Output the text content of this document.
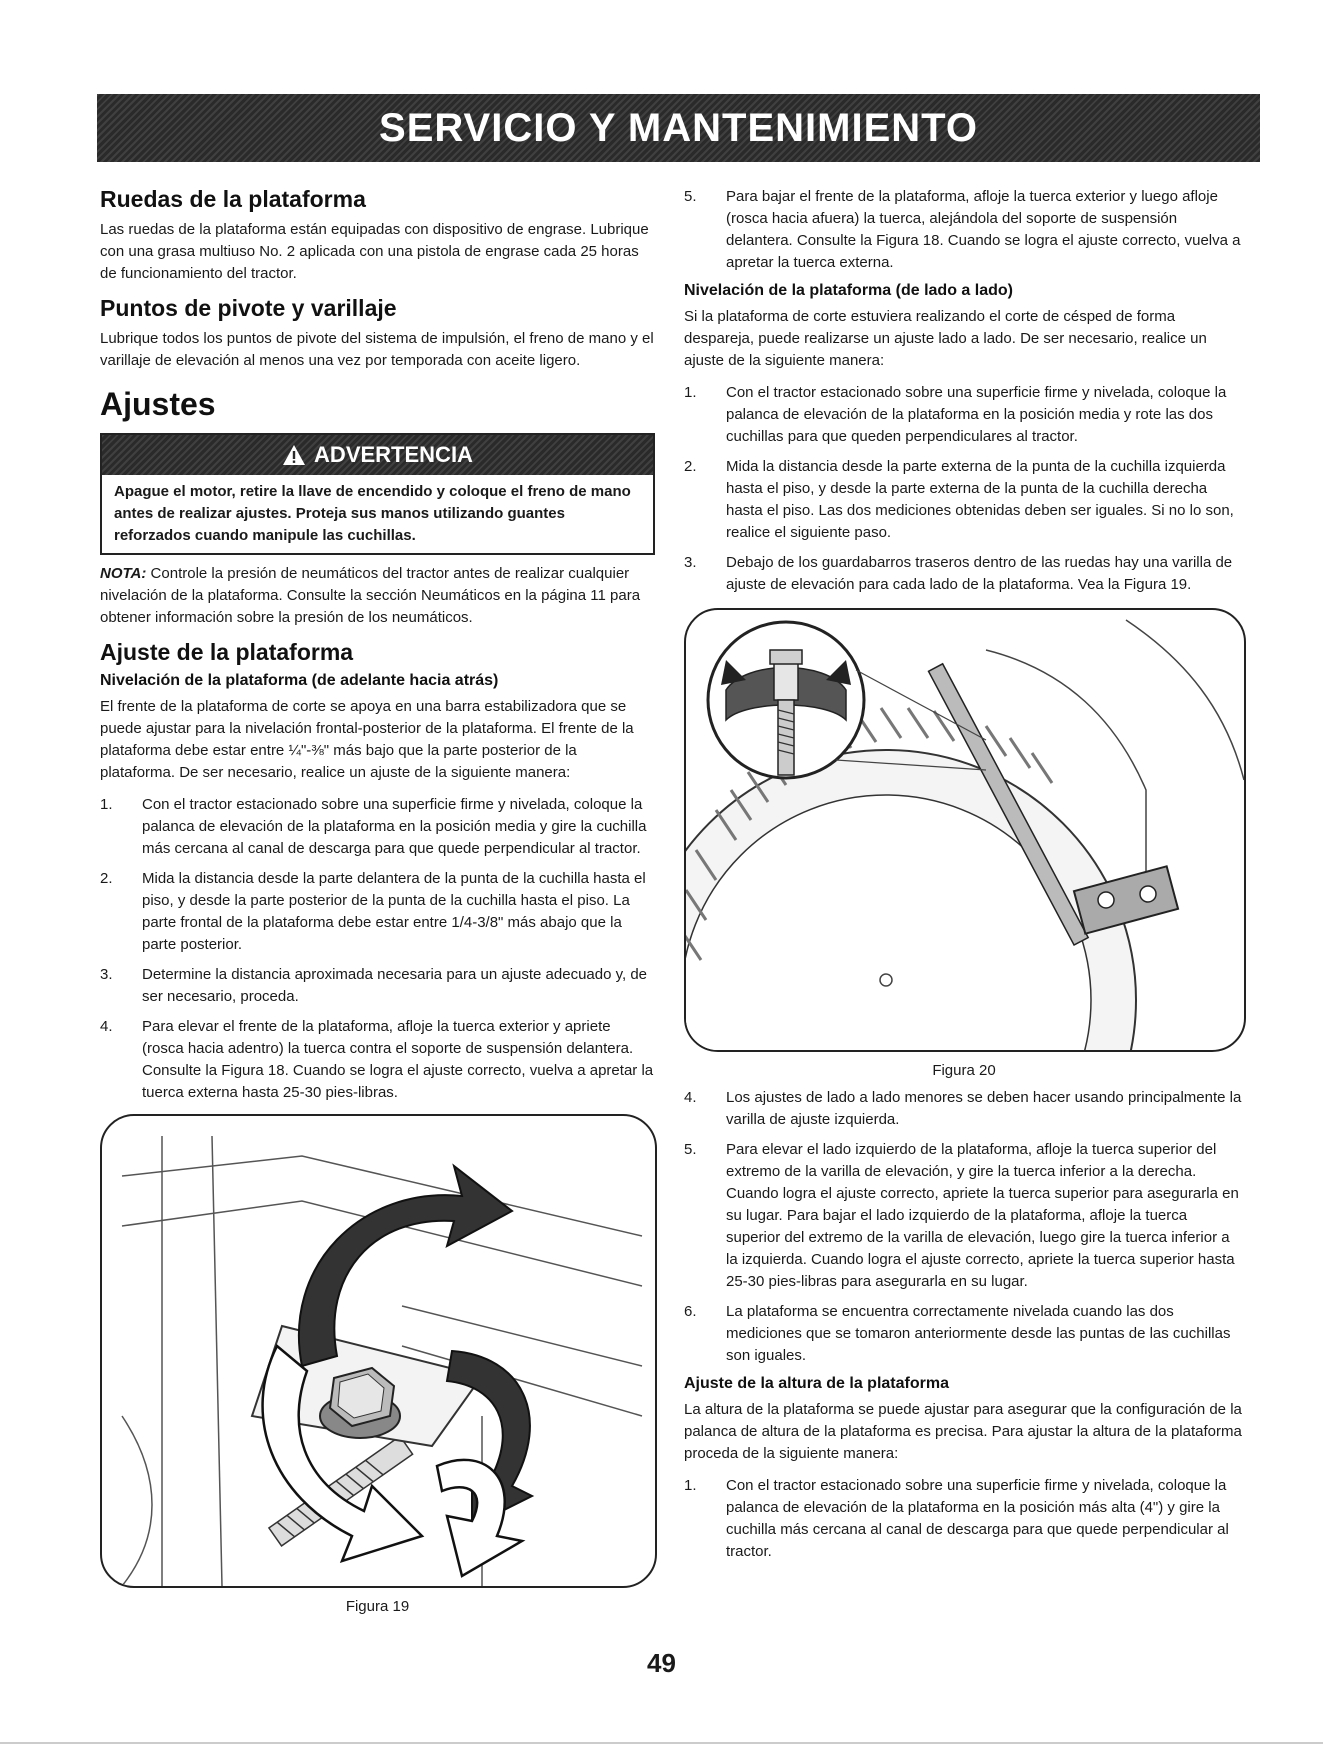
SERVICIO Y MANTENIMIENTO
Ruedas de la plataforma

Las ruedas de la plataforma están equipadas con dispositivo de engrase. Lubrique con una grasa multiuso No. 2 aplicada con una pistola de engrase cada 25 horas de funcionamiento del tractor.

Puntos de pivote y varillaje

Lubrique todos los puntos de pivote del sistema de impulsión, el freno de mano y el varillaje de elevación al menos una vez por temporada con aceite ligero.

Ajustes
ADVERTENCIA
Apague el motor, retire la llave de encendido y coloque el freno de mano antes de realizar ajustes. Proteja sus manos utilizando guantes reforzados cuando manipule las cuchillas.

NOTA: Controle la presión de neumáticos del tractor antes de realizar cualquier nivelación de la plataforma. Consulte la sección Neumáticos en la página 11 para obtener información sobre la presión de los neumáticos.

Ajuste de la plataforma
Nivelación de la plataforma (de adelante hacia atrás)

El frente de la plataforma de corte se apoya en una barra estabilizadora que se puede ajustar para la nivelación frontal-posterior de la plataforma. El frente de la plataforma debe estar entre ¼"-⅜" más bajo que la parte posterior de la plataforma. De ser necesario, realice un ajuste de la siguiente manera:

1.	Con el tractor estacionado sobre una superficie firme y nivelada, coloque la palanca de elevación de la plataforma en la posición media y gire la cuchilla más cercana al canal de descarga para que quede perpendicular al tractor.
2.	Mida la distancia desde la parte delantera de la punta de la cuchilla hasta el piso, y desde la parte posterior de la punta de la cuchilla hasta el piso. La parte frontal de la plataforma debe estar entre 1/4-3/8" más abajo que la parte posterior.
3.	Determine la distancia aproximada necesaria para un ajuste adecuado y, de ser necesario, proceda.
4.	Para elevar el frente de la plataforma, afloje la tuerca exterior y apriete (rosca hacia adentro) la tuerca contra el soporte de suspensión delantera. Consulte la Figura 18. Cuando se logra el ajuste correcto, vuelva a apretar la tuerca externa hasta 25-30 pies-libras.
Figura 19
5.	Para bajar el frente de la plataforma, afloje la tuerca exterior y luego afloje (rosca hacia afuera) la tuerca, alejándola del soporte de suspensión delantera. Consulte la Figura 18. Cuando se logra el ajuste correcto, vuelva a apretar la tuerca externa.
Nivelación de la plataforma (de lado a lado)

Si la plataforma de corte estuviera realizando el corte de césped de forma despareja, puede realizarse un ajuste lado a lado. De ser necesario, realice un ajuste de la siguiente manera:

1.	Con el tractor estacionado sobre una superficie firme y nivelada, coloque la palanca de elevación de la plataforma en la posición media y rote las dos cuchillas para que queden perpendiculares al tractor.
2.	Mida la distancia desde la parte externa de la punta de la cuchilla izquierda hasta el piso, y desde la parte externa de la punta de la cuchilla derecha hasta el piso. Las dos mediciones obtenidas deben ser iguales. Si no lo son, realice el siguiente paso.
3.	Debajo de los guardabarros traseros dentro de las ruedas hay una varilla de ajuste de elevación para cada lado de la plataforma. Vea la Figura 19.
Figura 20
4.	Los ajustes de lado a lado menores se deben hacer usando principalmente la varilla de ajuste izquierda.
5.	Para elevar el lado izquierdo de la plataforma, afloje la tuerca superior del extremo de la varilla de elevación, y gire la tuerca inferior a la derecha. Cuando logra el ajuste correcto, apriete la tuerca superior para asegurarla en su lugar. Para bajar el lado izquierdo de la plataforma, afloje la tuerca superior del extremo de la varilla de elevación, luego gire la tuerca inferior a la izquierda. Cuando logra el ajuste correcto, apriete la tuerca superior hasta 25-30 pies-libras para asegurarla en su lugar.
6.	La plataforma se encuentra correctamente nivelada cuando las dos mediciones que se tomaron anteriormente desde las puntas de las cuchillas son iguales.
Ajuste de la altura de la plataforma

La altura de la plataforma se puede ajustar para asegurar que la configuración de la palanca de altura de la plataforma es precisa. Para ajustar la altura de la plataforma proceda de la siguiente manera:

1.	Con el tractor estacionado sobre una superficie firme y nivelada, coloque la palanca de elevación de la plataforma en la posición más alta (4") y gire la cuchilla más cercana al canal de descarga para que quede perpendicular al tractor.
49
